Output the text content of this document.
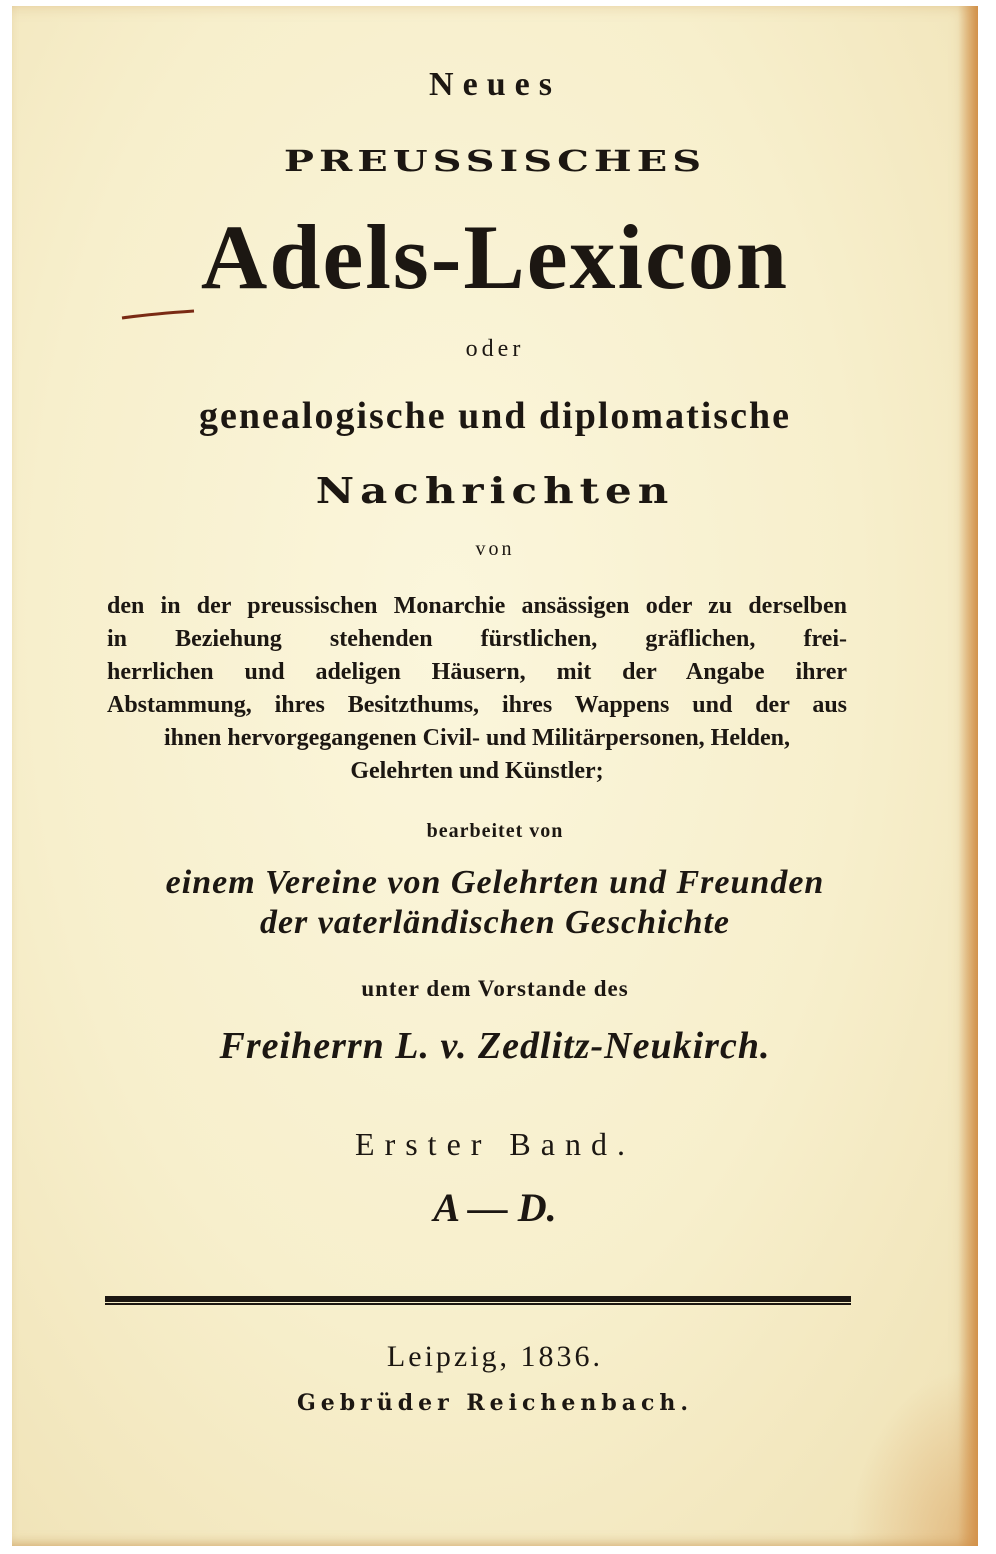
Neues

PREUSSISCHES

Adels-Lexicon

oder

genealogische und diplomatische

Nachrichten

von

den in der preussischen Monarchie ansässigen oder zu derselben
in Beziehung stehenden fürstlichen, gräflichen, frei-
herrlichen und adeligen Häusern, mit der Angabe ihrer
Abstammung, ihres Besitzthums, ihres Wappens und der aus
ihnen hervorgegangenen Civil- und Militärpersonen, Helden,
Gelehrten und Künstler;

bearbeitet von

einem Vereine von Gelehrten und Freunden

der vaterländischen Geschichte

unter dem Vorstande des

Freiherrn L. v. Zedlitz-Neukirch.

Erster Band.

A — D.

Leipzig, 1836.

Gebrüder Reichenbach.
